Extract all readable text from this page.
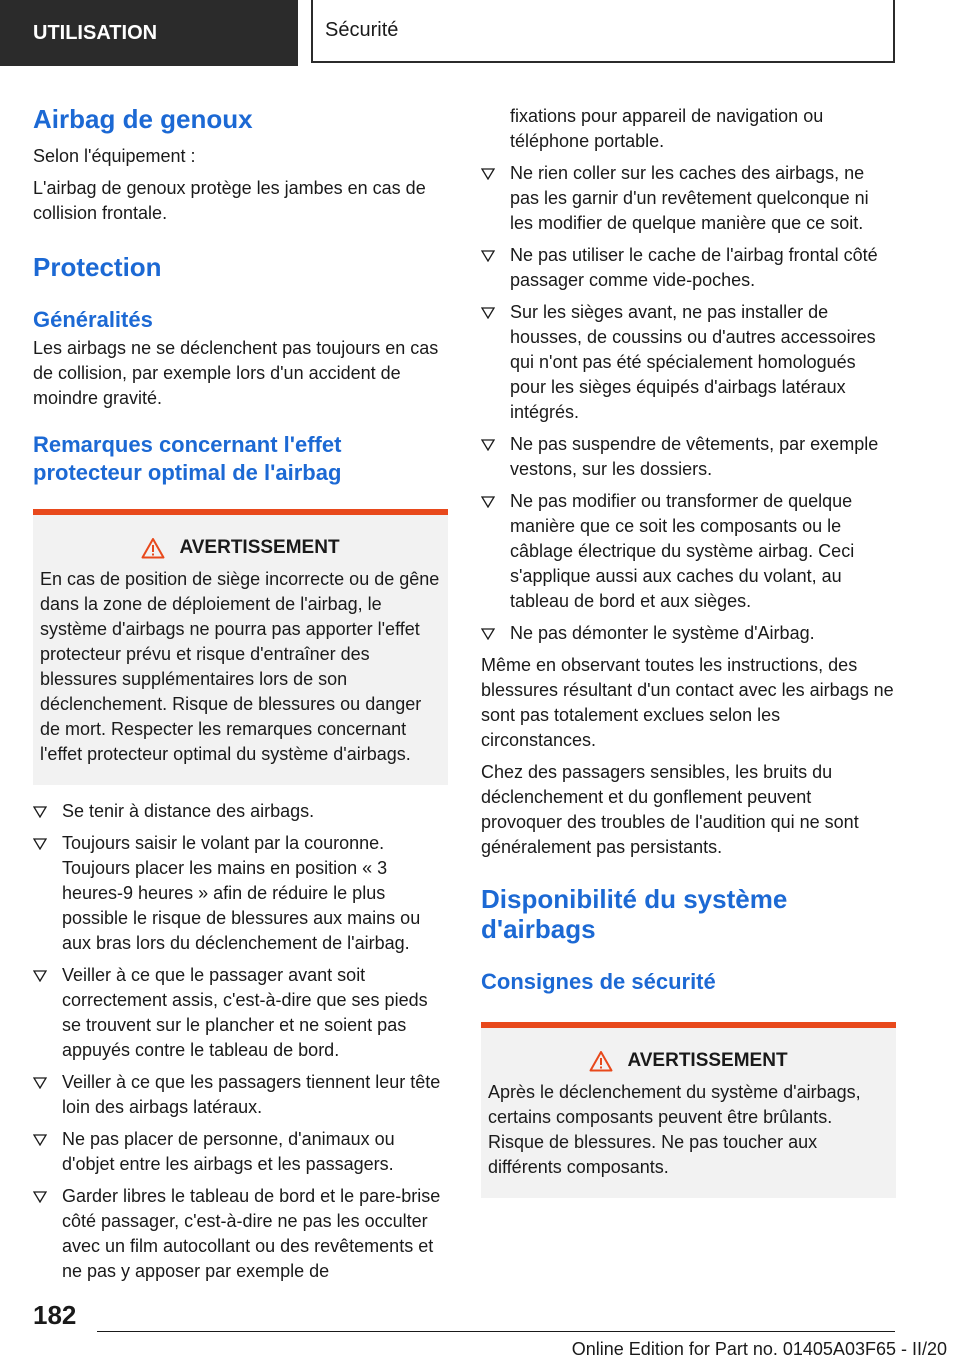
UTILISATION	Sécurité
Airbag de genoux

Selon l'équipement :

L'airbag de genoux protège les jambes en cas de collision frontale.

Protection
Généralités

Les airbags ne se déclenchent pas toujours en cas de collision, par exemple lors d'un accident de moindre gravité.

Remarques concernant l'effet protecteur optimal de l'airbag
AVERTISSEMENT

En cas de position de siège incorrecte ou de gêne dans la zone de déploiement de l'airbag, le système d'airbags ne pourra pas apporter l'effet protecteur prévu et risque d'entraîner des blessures supplémentaires lors de son déclenchement. Risque de blessures ou danger de mort. Respecter les remarques concernant l'effet protecteur optimal du système d'airbags.

Se tenir à distance des airbags.
Toujours saisir le volant par la couronne. Toujours placer les mains en position « 3 heures-9 heures » afin de réduire le plus possible le risque de blessures aux mains ou aux bras lors du déclenchement de l'airbag.
Veiller à ce que le passager avant soit correctement assis, c'est-à-dire que ses pieds se trouvent sur le plancher et ne soient pas appuyés contre le tableau de bord.
Veiller à ce que les passagers tiennent leur tête loin des airbags latéraux.
Ne pas placer de personne, d'animaux ou d'objet entre les airbags et les passagers.
Garder libres le tableau de bord et le pare-brise côté passager, c'est-à-dire ne pas les occulter avec un film autocollant ou des revêtements et ne pas y apposer par exemple de

fixations pour appareil de navigation ou téléphone portable.

Ne rien coller sur les caches des airbags, ne pas les garnir d'un revêtement quelconque ni les modifier de quelque manière que ce soit.
Ne pas utiliser le cache de l'airbag frontal côté passager comme vide-poches.
Sur les sièges avant, ne pas installer de housses, de coussins ou d'autres accessoires qui n'ont pas été spécialement homologués pour les sièges équipés d'airbags latéraux intégrés.
Ne pas suspendre de vêtements, par exemple vestons, sur les dossiers.
Ne pas modifier ou transformer de quelque manière que ce soit les composants ou le câblage électrique du système airbag. Ceci s'applique aussi aux caches du volant, au tableau de bord et aux sièges.
Ne pas démonter le système d'Airbag.

Même en observant toutes les instructions, des blessures résultant d'un contact avec les airbags ne sont pas totalement exclues selon les circonstances.

Chez des passagers sensibles, les bruits du déclenchement et du gonflement peuvent provoquer des troubles de l'audition qui ne sont généralement pas persistants.

Disponibilité du système d'airbags
Consignes de sécurité
AVERTISSEMENT

Après le déclenchement du système d'airbags, certains composants peuvent être brûlants. Risque de blessures. Ne pas toucher aux différents composants.

182
Online Edition for Part no. 01405A03F65 - II/20
